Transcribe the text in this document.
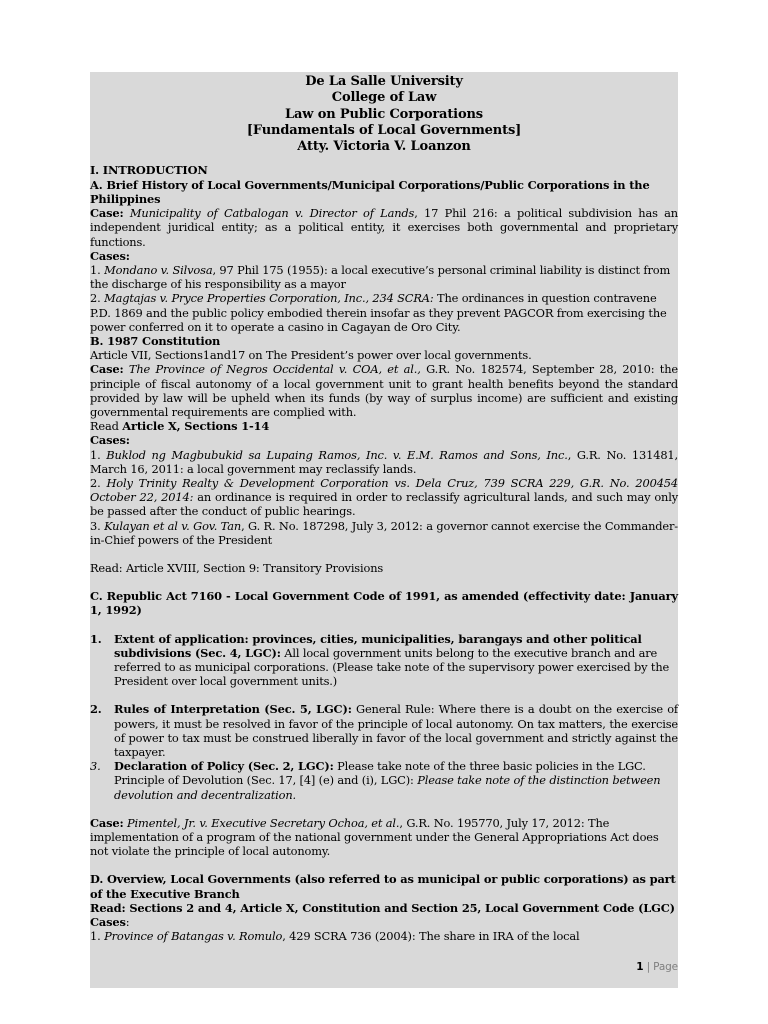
De La Salle University
College of Law
Law on Public Corporations
[Fundamentals of Local Governments]
Atty. Victoria V. Loanzon

I. INTRODUCTION

A. Brief History of Local Governments/Municipal Corporations/Public Corporations in the Philippines

Case: Municipality of Catbalogan v. Director of Lands, 17 Phil 216: a political subdivision has an independent juridical entity; as a political entity, it exercises both governmental and proprietary functions.

Cases:

1. Mondano v. Silvosa, 97 Phil 175 (1955): a local executive’s personal criminal liability is distinct from the discharge of his responsibility as a mayor

2. Magtajas v. Pryce Properties Corporation, Inc., 234 SCRA: The ordinances in question contravene P.D. 1869 and the public policy embodied therein insofar as they prevent PAGCOR from exercising the power conferred on it to operate a casino in Cagayan de Oro City.

B. 1987 Constitution

Article VII, Sections1and17 on The President’s power over local governments.

Case: The Province of Negros Occidental v. COA, et al., G.R. No. 182574, September 28, 2010: the principle of fiscal autonomy of a local government unit to grant health benefits beyond the standard provided by law will be upheld when its funds (by way of surplus income) are sufficient and existing governmental requirements are complied with.

Read Article X, Sections 1-14

Cases:

1. Buklod ng Magbubukid sa Lupaing Ramos, Inc. v. E.M. Ramos and Sons, Inc., G.R. No. 131481, March 16, 2011: a local government may reclassify lands.

2. Holy Trinity Realty & Development Corporation vs. Dela Cruz, 739 SCRA 229, G.R. No. 200454 October 22, 2014: an ordinance is required in order to reclassify agricultural lands, and such may only be passed after the conduct of public hearings.

3. Kulayan et al v. Gov. Tan, G. R. No. 187298, July 3, 2012: a governor cannot exercise the Commander-in-Chief powers of the President

Read: Article XVIII, Section 9: Transitory Provisions

C. Republic Act 7160 - Local Government Code of 1991, as amended (effectivity date: January 1, 1992)

1.	Extent of application: provinces, cities, municipalities, barangays and other political subdivisions (Sec. 4, LGC): All local government units belong to the executive branch and are referred to as municipal corporations. (Please take note of the supervisory power exercised by the President over local government units.)
2.	Rules of Interpretation (Sec. 5, LGC): General Rule: Where there is a doubt on the exercise of powers, it must be resolved in favor of the principle of local autonomy. On tax matters, the exercise of power to tax must be construed liberally in favor of the local government and strictly against the taxpayer.
3.	Declaration of Policy (Sec. 2, LGC): Please take note of the three basic policies in the LGC. Principle of Devolution (Sec. 17, [4] (e) and (i), LGC): Please take note of the distinction between devolution and decentralization.

Case: Pimentel, Jr. v. Executive Secretary Ochoa, et al., G.R. No. 195770, July 17, 2012: The implementation of a program of the national government under the General Appropriations Act does not violate the principle of local autonomy.

D. Overview, Local Governments (also referred to as municipal or public corporations) as part of the Executive Branch

Read: Sections 2 and 4, Article X, Constitution and Section 25, Local Government Code (LGC)

Cases:

1. Province of Batangas v. Romulo, 429 SCRA 736 (2004): The share in IRA of the local

1 | Page
